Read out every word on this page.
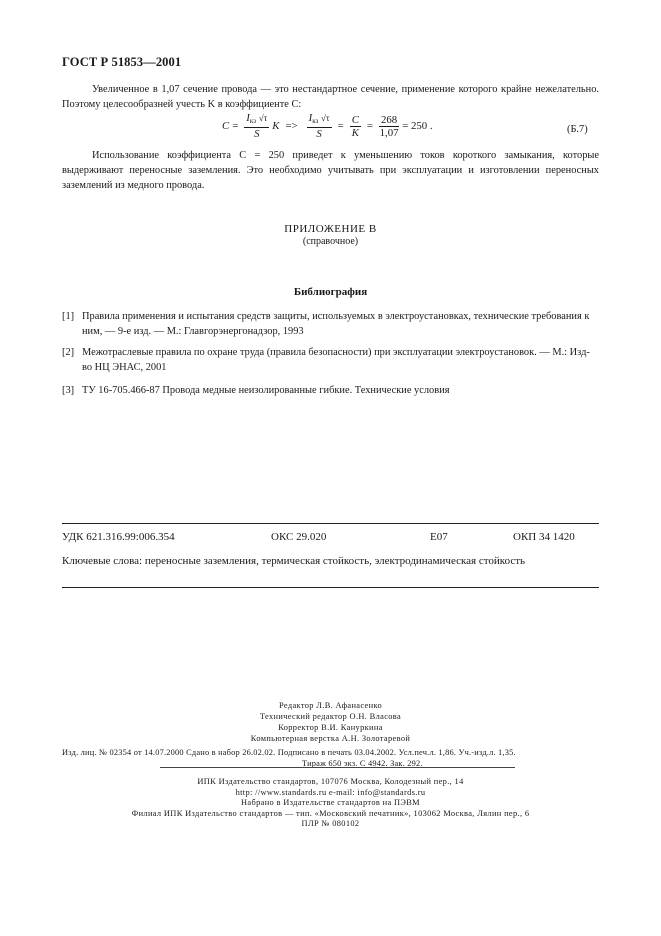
ГОСТ Р 51853—2001
Увеличенное в 1,07 сечение провода — это нестандартное сечение, применение которого крайне нежелательно. Поэтому целесообразней учесть K в коэффициенте C:
$C = \frac{I_{кз} √\tau}{S}$ $K => \frac{I_{кз} √\tau}{S} = \frac{C}{K} = \frac{268}{1,07} = 250$ .	(Б.7)
Использование коэффициента C = 250 приведет к уменьшению токов короткого замыкания, которые выдерживают переносные заземления. Это необходимо учитывать при эксплуатации и изготовлении переносных заземлений из медного провода.
ПРИЛОЖЕНИЕ В
(справочное)
Библиография
[1] Правила применения и испытания средств защиты, используемых в электроустановках, технические требования к ним, — 9-е изд. — М.: Главгорэнергонадзор, 1993
[2] Межотраслевые правила по охране труда (правила безопасности) при эксплуатации электроустановок. — М.: Изд-во НЦ ЭНАС, 2001
[3] ТУ 16-705.466-87 Провода медные неизолированные гибкие. Технические условия
УДК 621.316.99:006.354	ОКС 29.020	Е07	ОКП 34 1420
Ключевые слова: переносные заземления, термическая стойкость, электродинамическая стойкость
Редактор Л.В. Афанасенко
Технический редактор О.Н. Власова
Корректор В.И. Кануркина
Компьютерная верстка А.Н. Золотаревой
Изд. лиц. № 02354 от 14.07.2000 Сдано в набор 26.02.02. Подписано в печать 03.04.2002. Усл.печ.л. 1,86. Уч.-изд.л. 1,35.
Тираж 650 экз. С 4942. Зак. 292.
ИПК Издательство стандартов, 107076 Москва, Колодезный пер., 14
http: //www.standards.ru e-mail: info@standards.ru
Набрано в Издательстве стандартов на ПЭВМ
Филиал ИПК Издательство стандартов — тип. «Московский печатник», 103062 Москва, Лялин пер., 6
ПЛР № 080102
